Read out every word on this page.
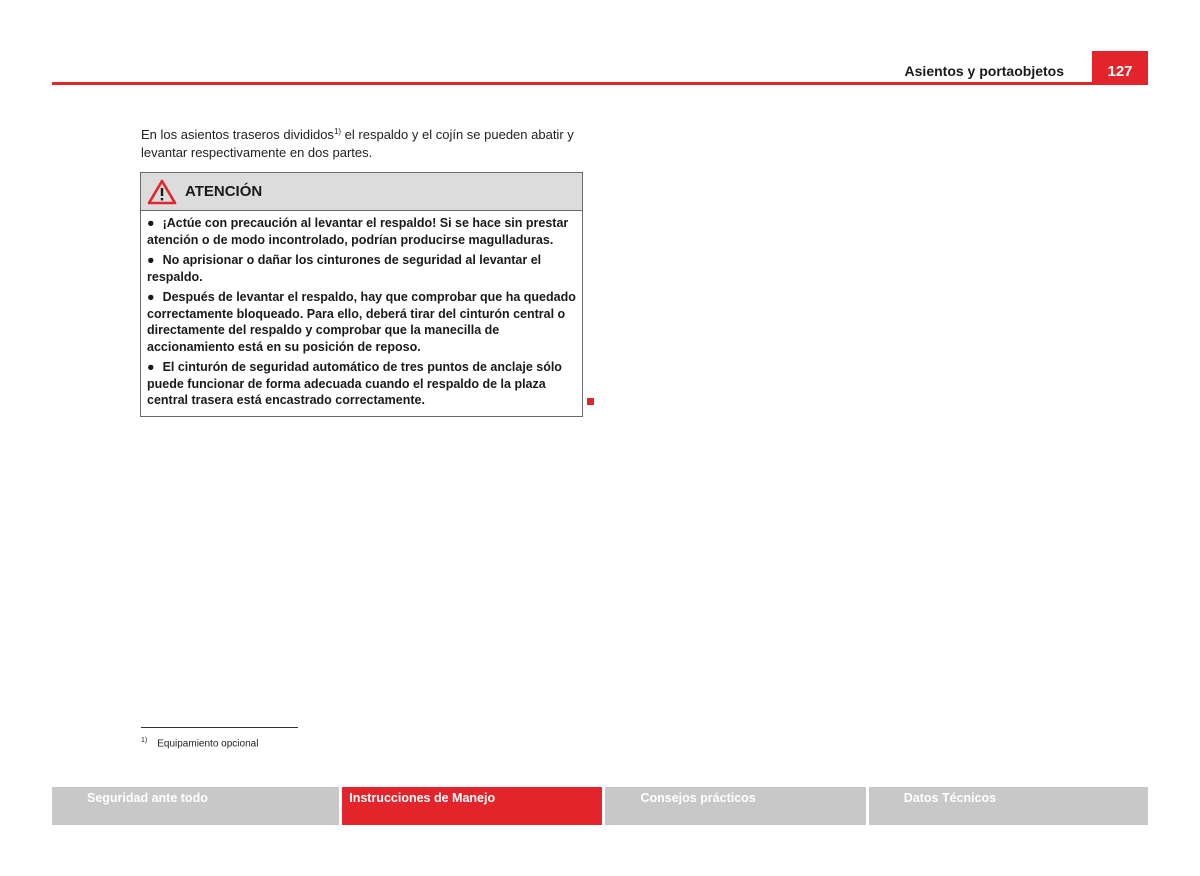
Asientos y portaobjetos	127

En los asientos traseros divididos$^{1)}$ el respaldo y el cojín se pueden abatir y levantar respectivamente en dos partes.

ATENCIÓN
● ¡Actúe con precaución al levantar el respaldo! Si se hace sin prestar atención o de modo incontrolado, podrían producirse magulladuras.
● No aprisionar o dañar los cinturones de seguridad al levantar el respaldo.
● Después de levantar el respaldo, hay que comprobar que ha quedado correctamente bloqueado. Para ello, deberá tirar del cinturón central o directamente del respaldo y comprobar que la manecilla de accionamiento está en su posición de reposo.
● El cinturón de seguridad automático de tres puntos de anclaje sólo puede funcionar de forma adecuada cuando el respaldo de la plaza central trasera está encastrado correctamente.
$^{1)}$ Equipamiento opcional
Seguridad ante todo	Instrucciones de Manejo	Consejos prácticos	Datos Técnicos
